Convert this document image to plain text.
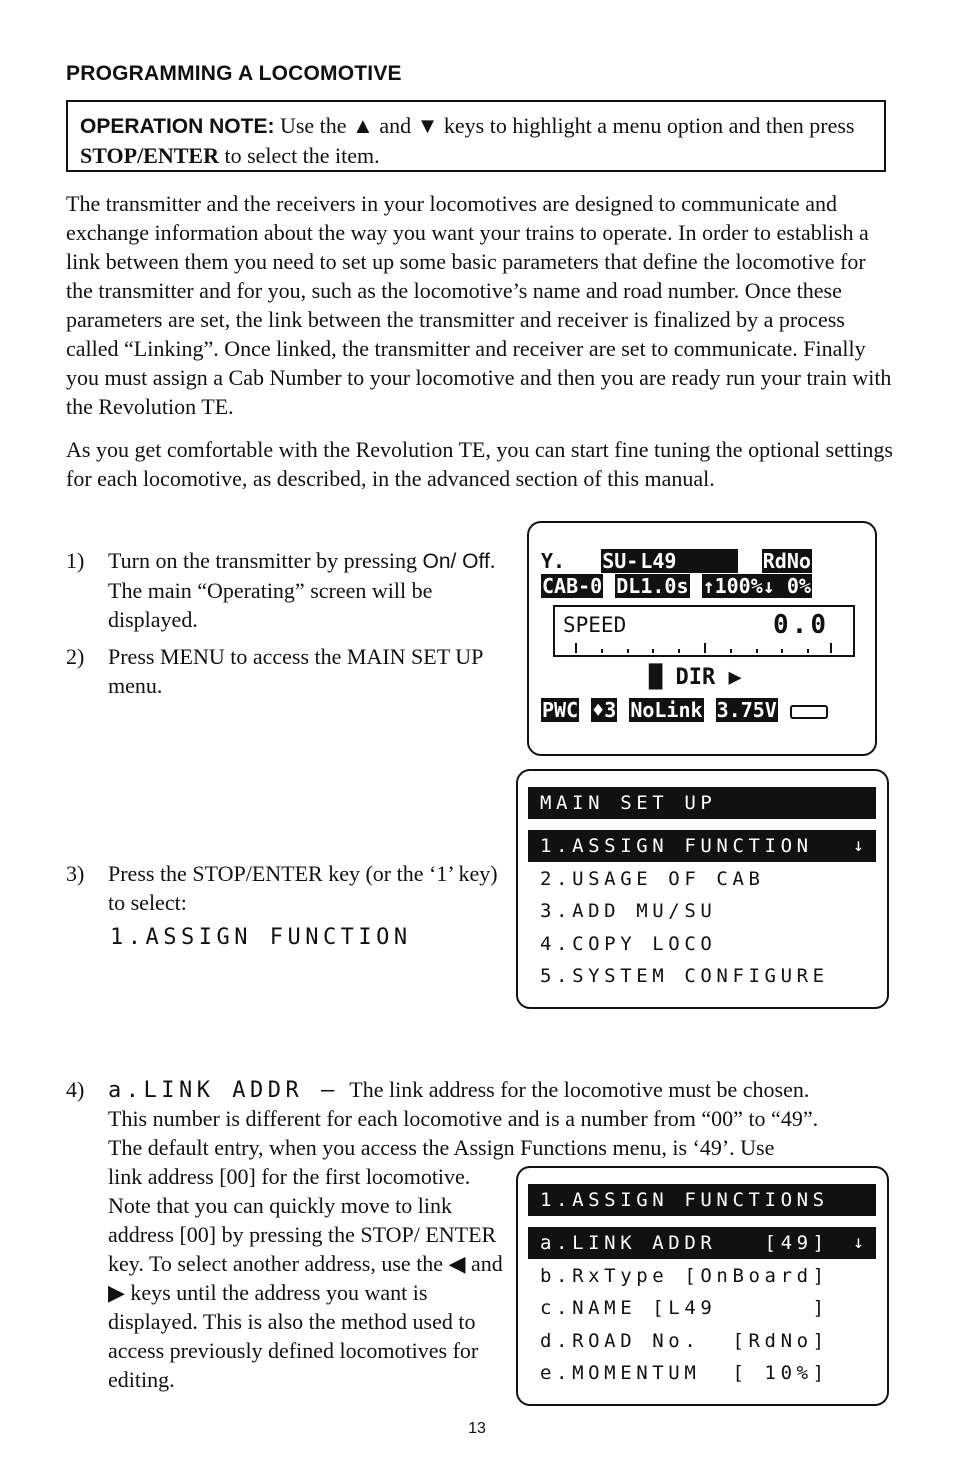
PROGRAMMING A LOCOMOTIVE
OPERATION NOTE: Use the ▲ and ▼ keys to highlight a menu option and then press STOP/ENTER to select the item.
The transmitter and the receivers in your locomotives are designed to communicate and exchange information about the way you want your trains to operate. In order to establish a link between them you need to set up some basic parameters that define the locomotive for the transmitter and for you, such as the locomotive’s name and road number. Once these parameters are set, the link between the transmitter and receiver is finalized by a process called “Linking”. Once linked, the transmitter and receiver are set to communicate. Finally you must assign a Cab Number to your locomotive and then you are ready run your train with the Revolution TE.
As you get comfortable with the Revolution TE, you can start fine tuning the optional settings for each locomotive, as described, in the advanced section of this manual.
1) Turn on the transmitter by pressing On/ Off. The main “Operating” screen will be displayed.
2) Press MENU to access the MAIN SET UP menu.
Y. SU- L49       RdNo
CAB-0 DL1.0s ↑100%↓ 0%
SPEED	0.0
█ DIR ▶
PWC ♦3 NoLink 3.75V
3) Press the STOP/ENTER key (or the ‘1’ key) to select:
1.ASSIGN FUNCTION
MAIN SET UP
1.ASSIGN FUNCTION ↓
2.USAGE OF CAB
3.ADD MU/SU
4.COPY LOCO
5.SYSTEM CONFIGURE
4) a.LINK ADDR – The link address for the locomotive must be chosen.
This number is different for each locomotive and is a number from “00” to “49”.
The default entry, when you access the Assign Functions menu, is ‘49’. Use
link address [00] for the first locomotive. Note that you can quickly move to link address [00] by pressing the STOP/ ENTER key. To select another address, use the ◀ and ▶ keys until the address you want is displayed. This is also the method used to access previously defined locomotives for editing.
1.ASSIGN FUNCTIONS
a.LINK ADDR   [49] ↓
b.RxType [OnBoard]
c.NAME [L49      ]
d.ROAD No.  [RdNo]
e.MOMENTUM  [ 10%]
13
